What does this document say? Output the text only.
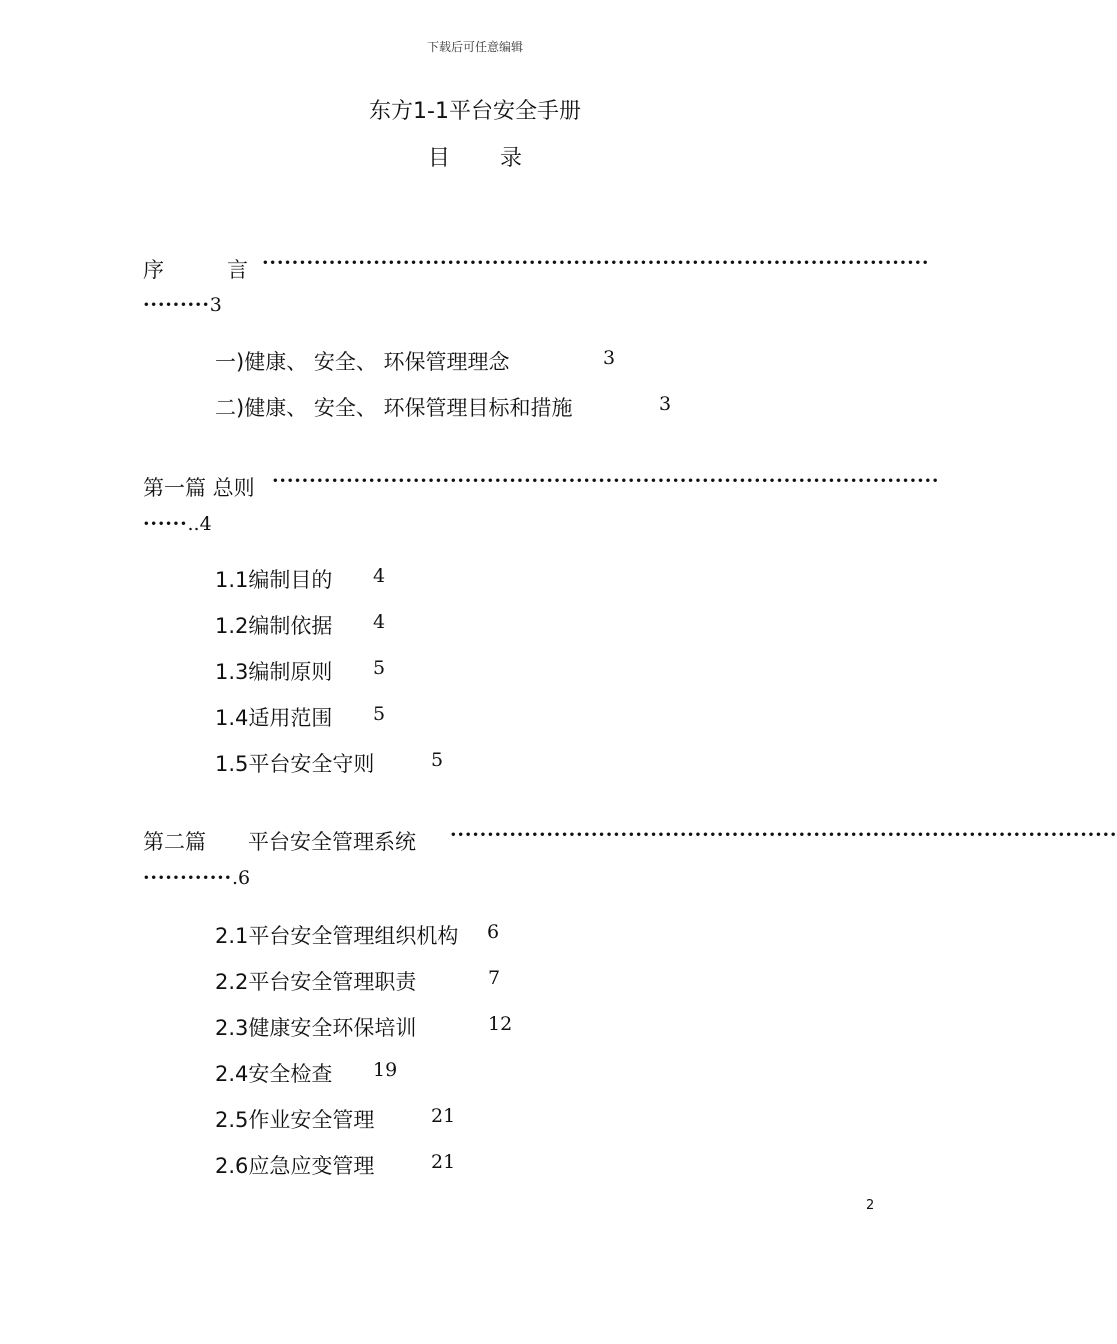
下载后可任意编辑
东方1-1平台安全手册
目 录
序　　　言 ··························································································
·········3
一)健康、 安全、 环保管理理念	3
二)健康、 安全、 环保管理目标和措施	3
第一篇 总则 ··························································································
······..4
1.1编制目的 4
1.2编制依据 4
1.3编制原则 5
1.4适用范围 5
1.5平台安全守则	5
第二篇　　平台安全管理系统 ··························································································
············.6
2.1平台安全管理组织机构 6
2.2平台安全管理职责	7
2.3健康安全环保培训	12
2.4安全检查 19
2.5作业安全管理	21
2.6应急应变管理	21
2
